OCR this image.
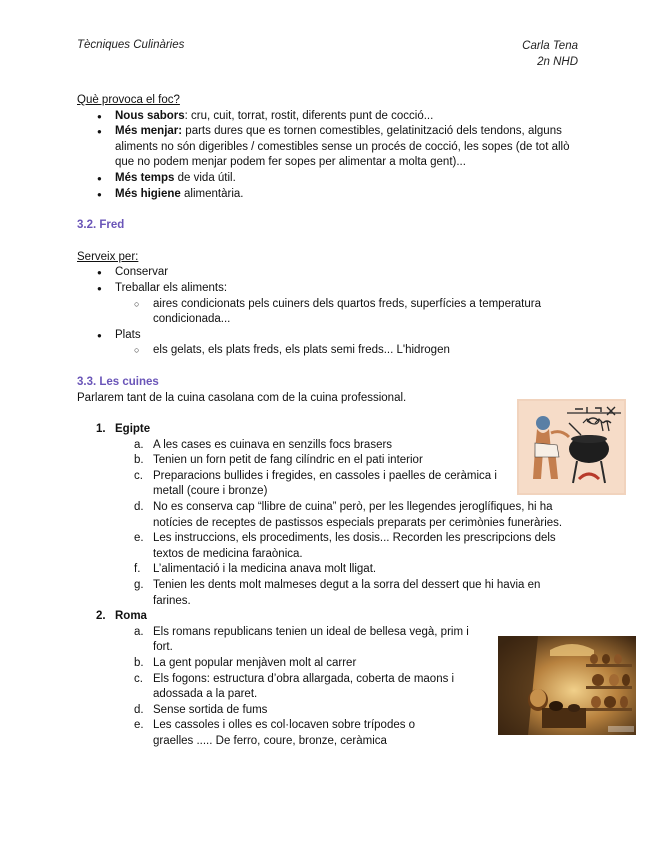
Tècniques Culinàries	Carla Tena
2n NHD
Què provoca el foc?
● Nous sabors: cru, cuit, torrat, rostit, diferents punt de cocció...
● Més menjar: parts dures que es tornen comestibles, gelatinització dels tendons, alguns aliments no són digeribles / comestibles sense un procés de cocció, les sopes (de tot allò que no podem menjar podem fer sopes per alimentar a molta gent)...
● Més temps de vida útil.
● Més higiene alimentària.
3.2. Fred
Serveix per:
● Conservar
● Treballar els aliments:
○ aires condicionats pels cuiners dels quartos freds, superfícies a temperatura condicionada...
● Plats
○ els gelats, els plats freds, els plats semi freds... L'hidrogen
3.3. Les cuines
Parlarem tant de la cuina casolana com de la cuina professional.
1. Egipte
a. A les cases es cuinava en senzills focs brasers
b. Tenien un forn petit de fang cilíndric en el pati interior
c. Preparacions bullides i fregides, en cassoles i paelles de ceràmica i metall (coure i bronze)
d. No es conserva cap “llibre de cuina” però, per les llegendes jeroglífiques, hi ha notícies de receptes de pastissos especials preparats per cerimònies funeràries.
e. Les instruccions, els procediments, les dosis... Recorden les prescripcions dels textos de medicina faraònica.
f. L’alimentació i la medicina anava molt lligat.
g. Tenien les dents molt malmeses degut a la sorra del dessert que hi havia en farines.
2. Roma
a. Els romans republicans tenien un ideal de bellesa vegà, prim i fort.
b. La gent popular menjàven molt al carrer
c. Els fogons: estructura d’obra allargada, coberta de maons i adossada a la paret.
d. Sense sortida de fums
e. Les cassoles i olles es col·locaven sobre trípodes o graelles ..... De ferro, coure, bronze, ceràmica
